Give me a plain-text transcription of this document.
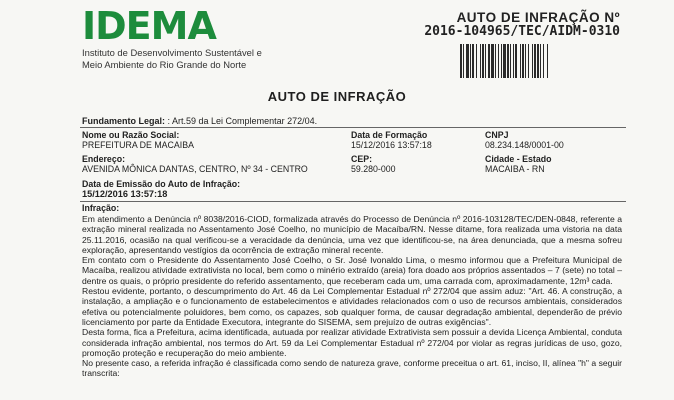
IDEMA
Instituto de Desenvolvimento Sustentável e
Meio Ambiente do Rio Grande do Norte
AUTO DE INFRAÇÃO Nº
2016-104965/TEC/AIDM-0310
AUTO DE INFRAÇÃO
Fundamento Legal: : Art.59 da Lei Complementar 272/04.
Nome ou Razão Social:
PREFEITURA DE MACAIBA
Data de Formação
15/12/2016 13:57:18
CNPJ
08.234.148/0001-00
Endereço:
AVENIDA MÔNICA DANTAS, CENTRO, Nº 34 - CENTRO
CEP:
59.280-000
Cidade - Estado
MACAIBA - RN
Data de Emissão do Auto de Infração:
15/12/2016 13:57:18
Infração:

Em atendimento a Denúncia nº 8038/2016-CIOD, formalizada através do Processo de Denúncia nº 2016-103128/TEC/DEN-0848, referente a extração mineral realizada no Assentamento José Coelho, no município de Macaíba/RN. Nesse ditame, fora realizada uma vistoria na data 25.11.2016, ocasião na qual verificou-se a veracidade da denúncia, uma vez que identificou-se, na área denunciada, que a mesma sofreu exploração, apresentando vestígios da ocorrência de extração mineral recente.

Em contato com o Presidente do Assentamento José Coelho, o Sr. José Ivonaldo Lima, o mesmo informou que a Prefeitura Municipal de Macaíba, realizou atividade extrativista no local, bem como o minério extraído (areia) fora doado aos próprios assentados – 7 (sete) no total – dentre os quais, o próprio presidente do referido assentamento, que receberam cada um, uma carrada com, aproximadamente, 12m³ cada.

Restou evidente, portanto, o descumprimento do Art. 46 da Lei Complementar Estadual nº 272/04 que assim aduz: "Art. 46. A construção, a instalação, a ampliação e o funcionamento de estabelecimentos e atividades relacionados com o uso de recursos ambientais, considerados efetiva ou potencialmente poluidores, bem como, os capazes, sob qualquer forma, de causar degradação ambiental, dependerão de prévio licenciamento por parte da Entidade Executora, integrante do SISEMA, sem prejuízo de outras exigências".

Desta forma, fica a Prefeitura, acima identificada, autuada por realizar atividade Extrativista sem possuir a devida Licença Ambiental, conduta considerada infração ambiental, nos termos do Art. 59 da Lei Complementar Estadual nº 272/04 por violar as regras jurídicas de uso, gozo, promoção proteção e recuperação do meio ambiente.

No presente caso, a referida infração é classificada como sendo de natureza grave, conforme preceitua o art. 61, inciso, II, alínea "h" a seguir transcrita:
